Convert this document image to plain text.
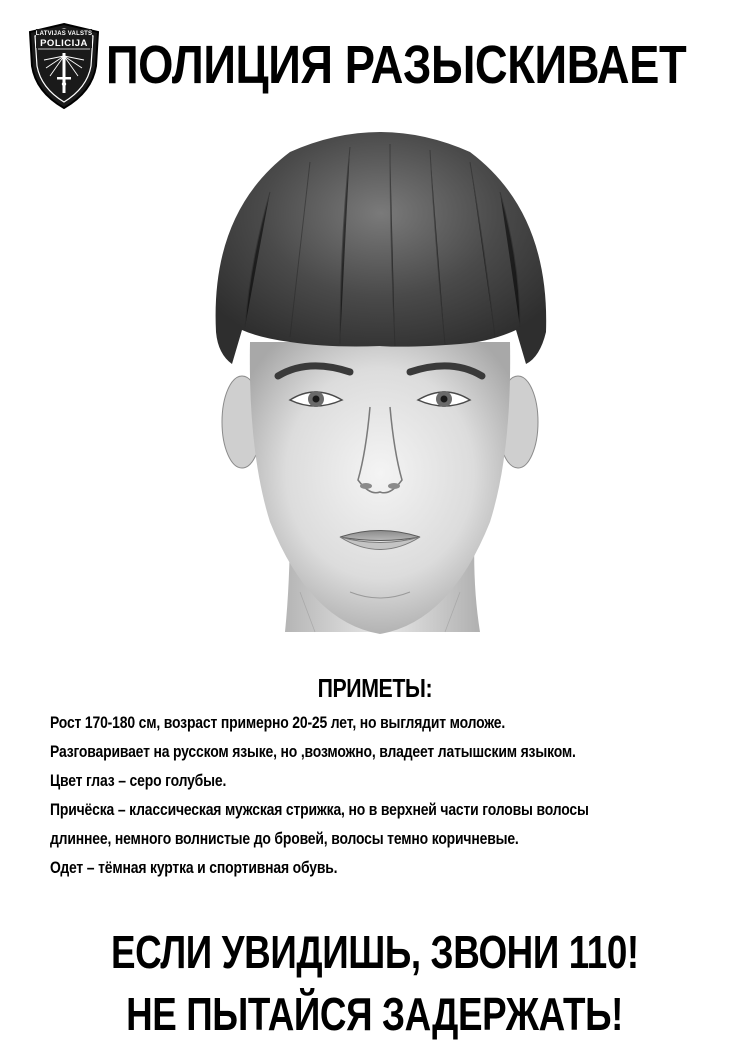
LATVIJAS VALSTS
POLICIJA ПОЛИЦИЯ РАЗЫСКИВАЕТ
ПРИМЕТЫ:
Рост 170-180 см, возраст примерно 20-25 лет, но выглядит моложе.
Разговаривает на русском языке, но ,возможно, владеет латышским языком.
Цвет глаз – серо голубые.
Причёска – классическая мужская стрижка, но в верхней части головы волосы
длиннее, немного волнистые до бровей, волосы темно коричневые.
Одет – тёмная куртка и спортивная обувь.
ЕСЛИ УВИДИШЬ, ЗВОНИ 110!
НЕ ПЫТАЙСЯ ЗАДЕРЖАТЬ!
